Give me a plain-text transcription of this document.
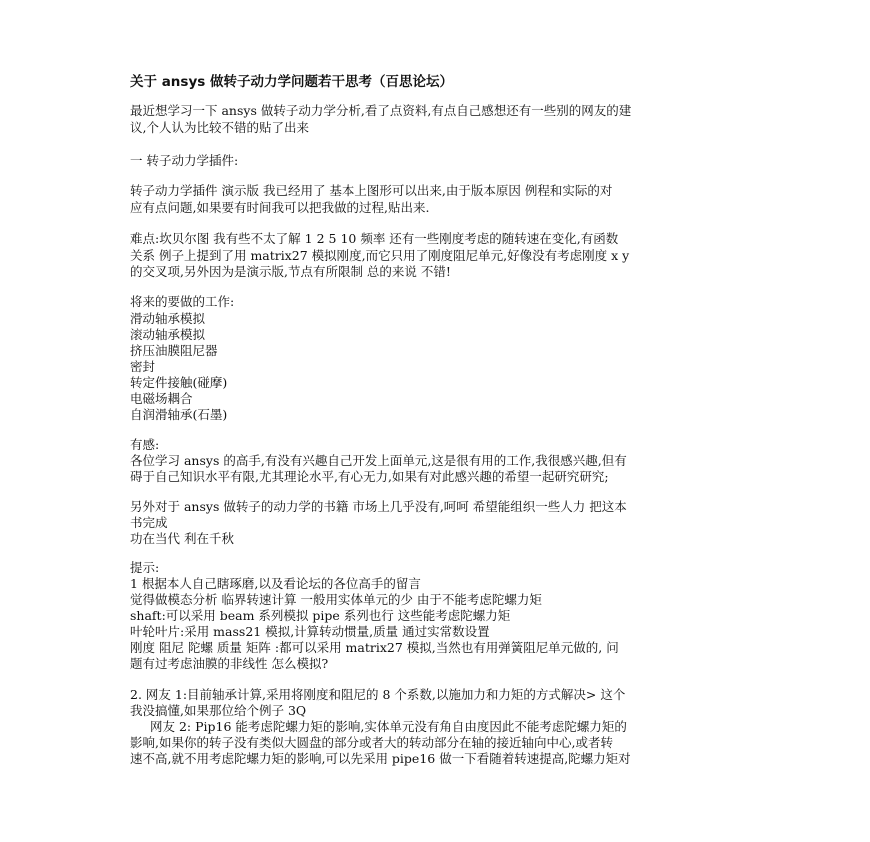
关于 ansys 做转子动力学问题若干思考（百思论坛）
最近想学习一下 ansys 做转子动力学分析,看了点资料,有点自己感想还有一些别的网友的建
议,个人认为比较不错的贴了出来
一 转子动力学插件:
转子动力学插件 演示版 我已经用了 基本上图形可以出来,由于版本原因 例程和实际的对
应有点问题,如果要有时间我可以把我做的过程,贴出来.
难点:坎贝尔图 我有些不太了解 1 2 5 10 频率 还有一些刚度考虑的随转速在变化,有函数
关系 例子上提到了用 matrix27 模拟刚度,而它只用了刚度阻尼单元,好像没有考虑刚度 x y
的交叉项,另外因为是演示版,节点有所限制 总的来说 不错!
将来的要做的工作:
滑动轴承模拟
滚动轴承模拟
挤压油膜阻尼器
密封
转定件接触(碰摩)
电磁场耦合
自润滑轴承(石墨)
有感:
各位学习 ansys 的高手,有没有兴趣自己开发上面单元,这是很有用的工作,我很感兴趣,但有
碍于自己知识水平有限,尤其理论水平,有心无力,如果有对此感兴趣的希望一起研究研究;
另外对于 ansys 做转子的动力学的书籍 市场上几乎没有,呵呵 希望能组织一些人力 把这本
书完成
功在当代 利在千秋
提示:
1 根据本人自己瞎琢磨,以及看论坛的各位高手的留言
觉得做模态分析 临界转速计算 一般用实体单元的少 由于不能考虑陀螺力矩
shaft:可以采用 beam 系列模拟 pipe 系列也行 这些能考虑陀螺力矩
叶轮叶片:采用 mass21 模拟,计算转动惯量,质量 通过实常数设置
刚度 阻尼 陀螺 质量 矩阵 :都可以采用 matrix27 模拟,当然也有用弹簧阻尼单元做的, 问
题有过考虑油膜的非线性 怎么模拟?
2. 网友 1:目前轴承计算,采用将刚度和阻尼的 8 个系数,以施加力和力矩的方式解决> 这个
我没搞懂,如果那位给个例子 3Q
网友 2: Pip16 能考虑陀螺力矩的影响,实体单元没有角自由度因此不能考虑陀螺力矩的
影响,如果你的转子没有类似大圆盘的部分或者大的转动部分在轴的接近轴向中心,或者转
速不高,就不用考虑陀螺力矩的影响,可以先采用 pipe16 做一下看随着转速提高,陀螺力矩对
